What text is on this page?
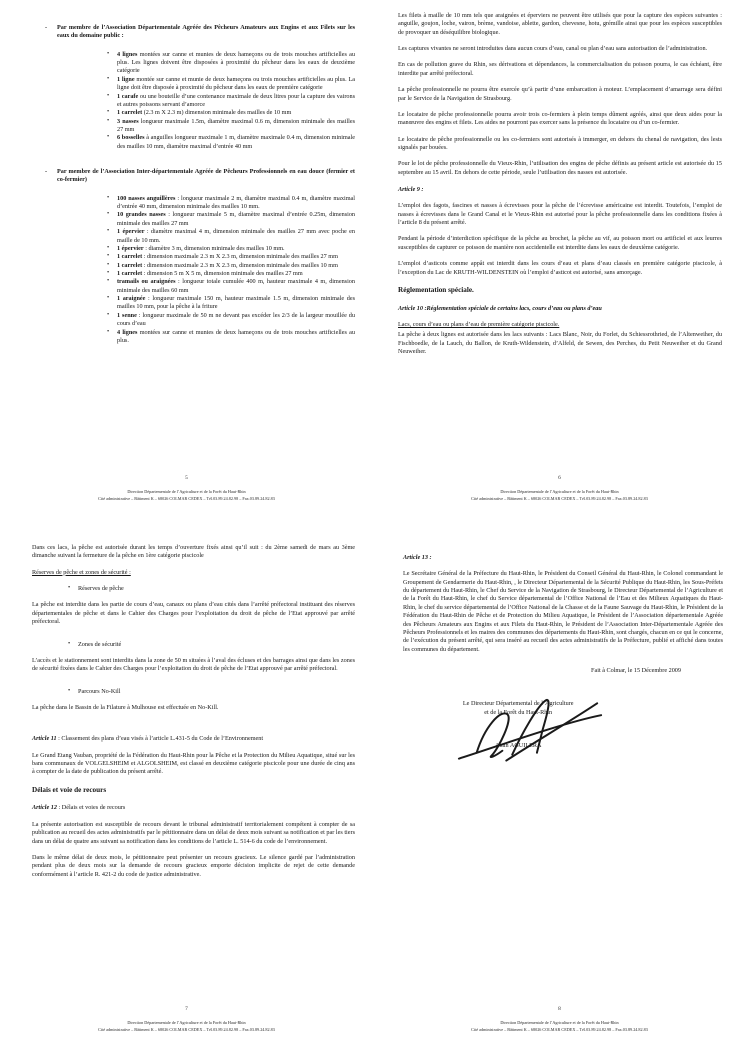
- Par membre de l’Association Départementale Agréée des Pêcheurs Amateurs aux Engins et aux Filets sur les eaux du domaine public :
• 4 lignes montées sur canne et munies de deux hameçons ou de trois mouches artificielles au plus. Les lignes doivent être disposées à proximité du pêcheur dans les eaux de deuxième catégorie
• 1 ligne montée sur canne et munie de deux hameçons ou trois mouches artificielles au plus. La ligne doit être disposée à proximité du pêcheur dans les eaux de première catégorie
• 1 carafe ou une bouteille d’une contenance maximale de deux litres pour la capture des vairons et autres poissons servant d’amorce
• 1 carrelet (2.3 m X 2.3 m) dimension minimale des mailles de 10 mm
• 3 nasses longueur maximale 1.5m, diamètre maximal 0.6 m, dimension minimale des mailles 27 mm
• 6 bosselles à anguilles longueur maximale 1 m, diamètre maximale 0.4 m, dimension minimale des mailles 10 mm, diamètre maximal d’entrée 40 mm
- Par membre de l’Association Inter-départementale Agréée de Pêcheurs Professionnels en eau douce (fermier et co-fermier)
• 100 nasses anguillères : longueur maximale 2 m, diamètre maximal 0.4 m, diamètre maximal d’entrée 40 mm, dimension minimale des mailles 10 mm.
• 10 grandes nasses : longueur maximale 5 m, diamètre maximal d’entrée 0.25m, dimension minimale des mailles 27 mm
• 1 épervier : diamètre maximal 4 m, dimension minimale des mailles 27 mm avec poche en maille de 10 mm.
• 1 épervier : diamètre 3 m, dimension minimale des mailles 10 mm.
• 1 carrelet : dimension maximale 2.3 m X 2.3 m, dimension minimale des mailles 27 mm
• 1 carrelet : dimension maximale 2.3 m X 2.3 m, dimension minimale des mailles 10 mm
• 1 carrelet : dimension 5 m X 5 m, dimension minimale des mailles 27 mm
• tramails ou araignées : longueur totale cumulée 400 m, hauteur maximale 4 m, dimension minimale des mailles 60 mm
• 1 araignée : longueur maximale 150 m, hauteur maximale 1.5 m, dimension minimale des mailles 10 mm, pour la pêche à la friture
• 1 senne : longueur maximale de 50 m ne devant pas excéder les 2/3 de la largeur mouillée du cours d’eau
• 4 lignes montées sur canne et munies de deux hameçons ou de trois mouches artificielles au plus.
5
Direction Départementale de l’Agriculture et de la Forêt du Haut-Rhin
Cité administrative – Bâtiment K – 68026 COLMAR CEDEX – Tél.03.89.24.82.98 – Fax.03.89.24.82.83
Les filets à maille de 10 mm tels que araignées et éperviers ne peuvent être utilisés que pour la capture des espèces suivantes : anguille, goujon, loche, vairon, brème, vandoise, ablette, gardon, chevesne, hotu, grémille ainsi que pour les espèces susceptibles de provoquer un déséquilibre biologique.
Les captures vivantes ne seront introduites dans aucun cours d’eau, canal ou plan d’eau sans autorisation de l’administration.
En cas de pollution grave du Rhin, ses dérivations et dépendances, la commercialisation du poisson pourra, le cas échéant, être interdite par arrêté préfectoral.
La pêche professionnelle ne pourra être exercée qu’à partir d’une embarcation à moteur. L’emplacement d’amarrage sera défini par le Service de la Navigation de Strasbourg.
Le locataire de pêche professionnelle pourra avoir trois co-fermiers à plein temps dûment agréés, ainsi que deux aides pour la manœuvre des engins et filets. Les aides ne pourront pas exercer sans la présence du locataire ou d’un co-fermier.
Le locataire de pêche professionnelle ou les co-fermiers sont autorisés à immerger, en dehors du chenal de navigation, des lests signalés par bouées.
Pour le lot de pêche professionnelle du Vieux-Rhin, l’utilisation des engins de pêche définis au présent article est autorisée du 15 septembre au 15 avril. En dehors de cette période, seule l’utilisation des nasses est autorisée.
Article 9 :
L’emploi des fagots, fascines et nasses à écrevisses pour la pêche de l’écrevisse américaine est interdit. Toutefois, l’emploi de nasses à écrevisses dans le Grand Canal et le Vieux-Rhin est autorisé pour la pêche professionnelle dans les conditions fixées à l’article 8 du présent arrêté.
Pendant la période d’interdiction spécifique de la pêche au brochet, la pêche au vif, au poisson mort ou artificiel et aux leurres susceptibles de capturer ce poisson de manière non accidentelle est interdite dans les eaux de deuxième catégorie.
L’emploi d’asticots comme appât est interdit dans les cours d’eau et plans d’eau classés en première catégorie piscicole, à l’exception du Lac de KRUTH-WILDENSTEIN où l’emploi d’asticot est autorisé, sans amorçage.
Réglementation spéciale.
Article 10 :Réglementation spéciale de certains lacs, cours d’eau ou plans d’eau
Lacs, cours d’eau ou plans d’eau de première catégorie piscicole.
La pêche à deux lignes est autorisée dans les lacs suivants : Lacs Blanc, Noir, du Forlet, du Schiessrothried, de l’Altenweiher, du Fischboedle, de la Lauch, du Ballon, de Kruth-Wildenstein, d’Alfeld, de Sewen, des Perches, du Petit Neuweiher et du Grand Neuweiher.
6
Direction Départementale de l’Agriculture et de la Forêt du Haut-Rhin
Cité administrative – Bâtiment K – 68026 COLMAR CEDEX – Tél.03.89.24.82.98 – Fax.03.89.24.82.83
Dans ces lacs, la pêche est autorisée durant les temps d’ouverture fixés ainsi qu’il suit : du 2ème samedi de mars au 3ème dimanche suivant la fermeture de la pêche en 1ère catégorie piscicole
Réserves de pêche et zones de sécurité :
• Réserves de pêche
La pêche est interdite dans les partie de cours d’eau, canaux ou plans d’eau cités dans l’arrêté préfectoral instituant des réserves départementales de pêche et dans le Cahier des Charges pour l’exploitation du droit de pêche de l’Etat approuvé par arrêté préfectoral.
• Zones de sécurité
L’accès et le stationnement sont interdits dans la zone de 50 m situées à l’aval des écluses et des barrages ainsi que dans les zones de sécurité fixées dans le Cahier des Charges pour l’exploitation du droit de pêche de l’Etat approuvé par arrêté préfectoral.
• Parcours No-Kill
La pêche dans le Bassin de la Filature à Mulhouse est effectuée en No-Kill.
Article 11 : Classement des plans d’eau visés à l’article L.431-5 du Code de l’Environnement
Le Grand Etang Vauban, propriété de la Fédération du Haut-Rhin pour la Pêche et la Protection du Milieu Aquatique, situé sur les bans communaux de VOLGELSHEIM et ALGOLSHEIM, est classé en deuxième catégorie piscicole pour une durée de cinq ans à compter de la date de publication du présent arrêté.
Délais et voie de recours
Article 12 : Délais et voies de recours
La présente autorisation est susceptible de recours devant le tribunal administratif territorialement compétent à compter de sa publication au recueil des actes administratifs par le pétitionnaire dans un délai de deux mois suivant sa notification et par les tiers dans un délai de quatre ans suivant sa notification dans les conditions de l’article L. 514-6 du code de l’environnement.
Dans le même délai de deux mois, le pétitionnaire peut présenter un recours gracieux. Le silence gardé par l’administration pendant plus de deux mois sur la demande de recours gracieux emporte décision implicite de rejet de cette demande conformément à l’article R. 421-2 du code de justice administrative.
7
Direction Départementale de l’Agriculture et de la Forêt du Haut-Rhin
Cité administrative – Bâtiment K – 68026 COLMAR CEDEX – Tél.03.89.24.82.98 – Fax.03.89.24.82.83
Article 13 :
Le Secrétaire Général de la Préfecture du Haut-Rhin, le Président du Conseil Général du Haut-Rhin, le Colonel commandant le Groupement de Gendarmerie du Haut-Rhin, , le Directeur Départemental de la Sécurité Publique du Haut-Rhin, les Sous-Préfets du département du Haut-Rhin, le Chef du Service de la Navigation de Strasbourg, le Directeur Départemental de l’Agriculture et de la Forêt du Haut-Rhin, le chef du Service départemental de l’Office National de l’Eau et des Milieux Aquatiques du Haut-Rhin, le chef du service départemental de l’Office National de la Chasse et de la Faune Sauvage du Haut-Rhin, le Président de la Fédération du Haut-Rhin de Pêche et de Protection du Milieu Aquatique, le Président de l’Association départementale Agréée des Pêcheurs Amateurs aux Engins et aux Filets du Haut-Rhin, le Président de l’Association Inter-Départementale Agréée des Pêcheurs Professionnels et les maires des communes des départements du Haut-Rhin, sont chargés, chacun en ce qui le concerne, de l’exécution du présent arrêté, qui sera inséré au recueil des actes administratifs de la Préfecture, publié et affiché dans toutes les communes du département.
Fait à Colmar, le 15 Décembre 2009
Le Directeur Départemental de l’Agriculture
et de la Forêt du Haut-Rhin
Alain AGUILERA
8
Direction Départementale de l’Agriculture et de la Forêt du Haut-Rhin
Cité administrative – Bâtiment K – 68026 COLMAR CEDEX – Tél.03.89.24.82.98 – Fax.03.89.24.82.83
